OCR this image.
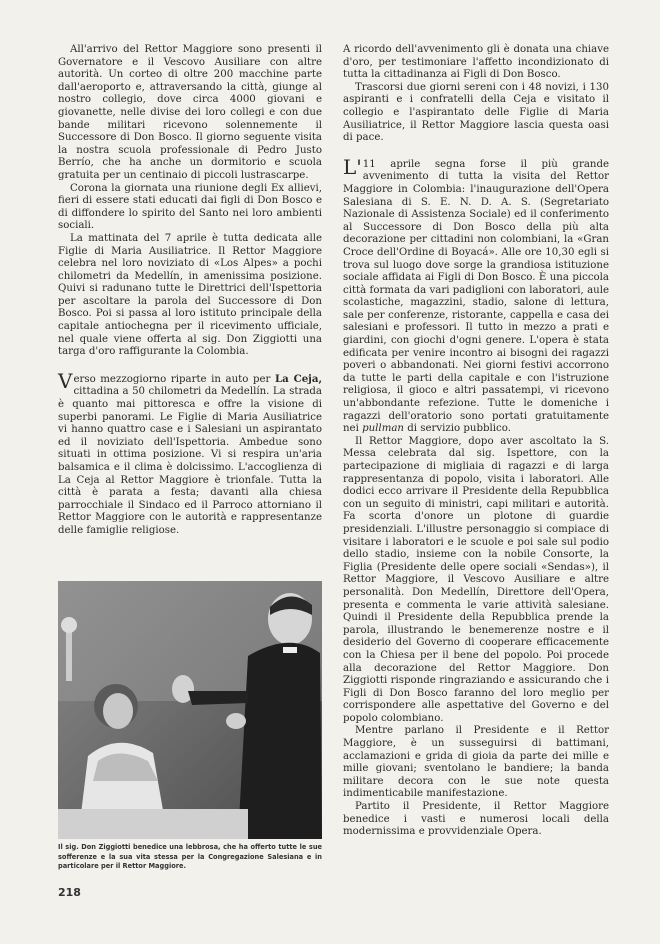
All'arrivo del Rettor Maggiore sono presenti il Governatore e il Vescovo Ausiliare con altre autorità. Un corteo di oltre 200 macchine parte dall'aeroporto e, attraversando la città, giunge al nostro collegio, dove circa 4000 giovani e giovanette, nelle divise dei loro collegi e con due bande militari ricevono solennemente il Successore di Don Bosco. Il giorno seguente visita la nostra scuola professionale di Pedro Justo Berrío, che ha anche un dormitorio e scuola gratuita per un centinaio di piccoli lustrascarpe.

Corona la giornata una riunione degli Ex allievi, fieri di essere stati educati dai figli di Don Bosco e di diffondere lo spirito del Santo nei loro ambienti sociali.

La mattinata del 7 aprile è tutta dedicata alle Figlie di Maria Ausiliatrice. Il Rettor Maggiore celebra nel loro noviziato di «Los Alpes» a pochi chilometri da Medellín, in amenissima posizione. Quivi si radunano tutte le Direttrici dell'Ispettoria per ascoltare la parola del Successore di Don Bosco. Poi si passa al loro istituto principale della capitale antiochegna per il ricevimento ufficiale, nel quale viene offerta al sig. Don Ziggiotti una targa d'oro raffigurante la Colombia.

Verso mezzogiorno riparte in auto per La Ceja, cittadina a 50 chilometri da Medellín. La strada è quanto mai pittoresca e offre la visione di superbi panorami. Le Figlie di Maria Ausiliatrice vi hanno quattro case e i Salesiani un aspirantato ed il noviziato dell'Ispettoria. Ambedue sono situati in ottima posizione. Vi si respira un'aria balsamica e il clima è dolcissimo. L'accoglienza di La Ceja al Rettor Maggiore è trionfale. Tutta la città è parata a festa; davanti alla chiesa parrocchiale il Sindaco ed il Parroco attorniano il Rettor Maggiore con le autorità e rappresentanze delle famiglie religiose.

Il sig. Don Ziggiotti benedice una lebbrosa, che ha offerto tutte le sue sofferenze e la sua vita stessa per la Congregazione Salesiana e in particolare per il Rettor Maggiore.
218

A ricordo dell'avvenimento gli è donata una chiave d'oro, per testimoniare l'affetto incondizionato di tutta la cittadinanza ai Figli di Don Bosco.

Trascorsi due giorni sereni con i 48 novizi, i 130 aspiranti e i confratelli della Ceja e visitato il collegio e l'aspirantato delle Figlie di Maria Ausiliatrice, il Rettor Maggiore lascia questa oasi di pace.

L'11 aprile segna forse il più grande avvenimento di tutta la visita del Rettor Maggiore in Colombia: l'inaugurazione dell'Opera Salesiana di S. E. N. D. A. S. (Segretariato Nazionale di Assistenza Sociale) ed il conferimento al Successore di Don Bosco della più alta decorazione per cittadini non colombiani, la «Gran Croce dell'Ordine di Boyacá». Alle ore 10,30 egli si trova sul luogo dove sorge la grandiosa istituzione sociale affidata ai Figli di Don Bosco. È una piccola città formata da vari padiglioni con laboratori, aule scolastiche, magazzini, stadio, salone di lettura, sale per conferenze, ristorante, cappella e casa dei salesiani e professori. Il tutto in mezzo a prati e giardini, con giochi d'ogni genere. L'opera è stata edificata per venire incontro ai bisogni dei ragazzi poveri o abbandonati. Nei giorni festivi accorrono da tutte le parti della capitale e con l'istruzione religiosa, il gioco e altri passatempi, vi ricevono un'abbondante refezione. Tutte le domeniche i ragazzi dell'oratorio sono portati gratuitamente nei pullman di servizio pubblico.

Il Rettor Maggiore, dopo aver ascoltato la S. Messa celebrata dal sig. Ispettore, con la partecipazione di migliaia di ragazzi e di larga rappresentanza di popolo, visita i laboratori. Alle dodici ecco arrivare il Presidente della Repubblica con un seguito di ministri, capi militari e autorità. Fa scorta d'onore un plotone di guardie presidenziali. L'illustre personaggio si compiace di visitare i laboratori e le scuole e poi sale sul podio dello stadio, insieme con la nobile Consorte, la Figlia (Presidente delle opere sociali «Sendas»), il Rettor Maggiore, il Vescovo Ausiliare e altre personalità. Don Medellín, Direttore dell'Opera, presenta e commenta le varie attività salesiane. Quindi il Presidente della Repubblica prende la parola, illustrando le benemerenze nostre e il desiderio del Governo di cooperare efficacemente con la Chiesa per il bene del popolo. Poi procede alla decorazione del Rettor Maggiore. Don Ziggiotti risponde ringraziando e assicurando che i Figli di Don Bosco faranno del loro meglio per corrispondere alle aspettative del Governo e del popolo colombiano.

Mentre parlano il Presidente e il Rettor Maggiore, è un susseguirsi di battimani, acclamazioni e grida di gioia da parte dei mille e mille giovani; sventolano le bandiere; la banda militare decora con le sue note questa indimenticabile manifestazione.

Partito il Presidente, il Rettor Maggiore benedice i vasti e numerosi locali della modernissima e provvidenziale Opera.
